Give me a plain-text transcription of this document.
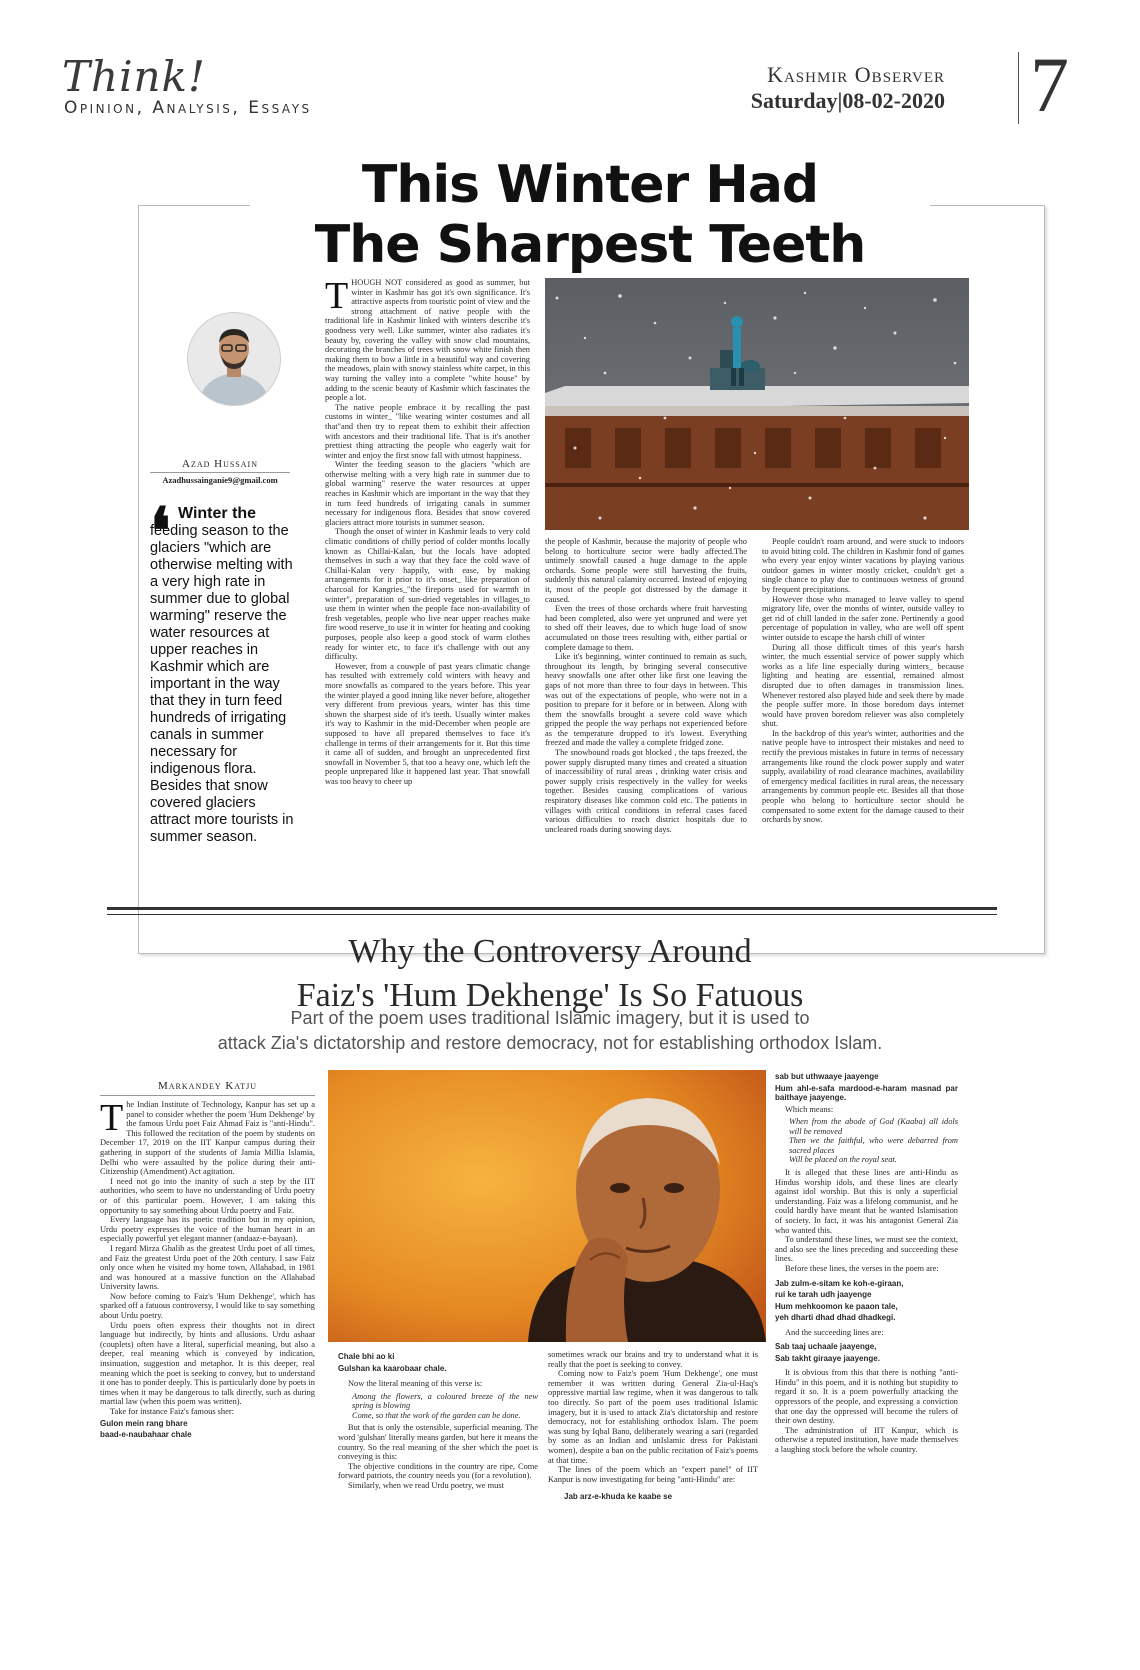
Think!
Opinion, Analysis, Essays
Kashmir Observer
Saturday|08-02-2020 7
This Winter Had
The Sharpest Teeth
Azad Hussain
Azadhussainganie9@gmail.com
❛ Winter the feeding season to the glaciers "which are otherwise melting with a very high rate in summer due to global warming" reserve the water resources at upper reaches in Kashmir which are important in the way that they in turn feed hundreds of irrigating canals in summer necessary for indigenous flora. Besides that snow covered glaciers attract more tourists in summer season.
T HOUGH NOT considered as good as summer, but winter in Kashmir has got it's own significance. It's attractive aspects from touristic point of view and the strong attachment of native people with the traditional life in Kashmir linked with winters describe it's goodness very well. Like summer, winter also radiates it's beauty by, covering the valley with snow clad mountains, decorating the branches of trees with snow white finish then making them to bow a little in a beautiful way and covering the meadows, plain with snowy stainless white carpet, in this way turning the valley into a complete "white house" by adding to the scenic beauty of Kashmir which fascinates the people a lot.

The native people embrace it by recalling the past customs in winter_ "like wearing winter costumes and all that"and then try to repeat them to exhibit their affection with ancestors and their traditional life. That is it's another prettiest thing attracting the people who eagerly wait for winter and enjoy the first snow fall with utmost happiness.

Winter the feeding season to the glaciers "which are otherwise melting with a very high rate in summer due to global warming" reserve the water resources at upper reaches in Kashmir which are important in the way that they in turn feed hundreds of irrigating canals in summer necessary for indigenous flora. Besides that snow covered glaciers attract more tourists in summer season.

Though the onset of winter in Kashmir leads to very cold climatic conditions of chilly period of colder months locally known as Chillai-Kalan, but the locals have adopted themselves in such a way that they face the cold wave of Chillai-Kalan very happily, with ease, by making arrangements for it prior to it's onset_ like preparation of charcoal for Kangries_"the fireports used for warmth in winter", preparation of sun-dried vegetables in villages_to use them in winter when the people face non-availability of fresh vegetables, people who live near upper reaches make fire wood reserve_to use it in winter for heating and cooking purposes, people also keep a good stock of warm clothes ready for winter etc, to face it's challenge with out any difficulty.

However, from a couwple of past years climatic change has resulted with extremely cold winters with heavy and more snowfalls as compared to the years before. This year the winter played a good inning like never before, altogether very different from previous years, winter has this time shown the sharpest side of it's teeth. Usually winter makes it's way to Kashmir in the mid-December when people are supposed to have all prepared themselves to face it's challenge in terms of their arrangements for it. But this time it came all of sudden, and brought an unprecedented first snowfall in November 5, that too a heavy one, which left the people unprepared like it happened last year. That snowfall was too heavy to cheer up

the people of Kashmir, because the majority of people who belong to horticulture sector were badly affected.The untimely snowfall caused a huge damage to the apple orchards. Some people were still harvesting the fruits, suddenly this natural calamity occurred. Instead of enjoying it, most of the people got distressed by the damage it caused.

Even the trees of those orchards where fruit harvesting had been completed, also were yet unpruned and were yet to shed off their leaves, due to which huge load of snow accumulated on those trees resulting with, either partial or complete damage to them.

Like it's beginning, winter continued to remain as such, throughout its length, by bringing several consecutive heavy snowfalls one after other like first one leaving the gaps of not more than three to four days in between. This was out of the expectations of people, who were not in a position to prepare for it before or in between. Along with them the snowfalls brought a severe cold wave which gripped the people the way perhaps not experienced before as the temperature dropped to it's lowest. Everything freezed and made the valley a complete fridged zone.

The snowbound roads got blocked , the taps freezed, the power supply disrupted many times and created a situation of inaccessibility of rural areas , drinking water crisis and power supply crisis respectively in the valley for weeks together. Besides causing complications of various respiratory diseases like common cold etc. The patients in villages with critical conditions in referral cases faced various difficulties to reach district hospitals due to uncleared roads during snowing days.

People couldn't roam around, and were stuck to indoors to avoid biting cold. The children in Kashmir fond of games who every year enjoy winter vacations by playing various outdoor games in winter mostly cricket, couldn't get a single chance to play due to continuous wetness of ground by frequent precipitations.

However those who managed to leave valley to spend migratory life, over the months of winter, outside valley to get rid of chill landed in the safer zone. Pertinently a good percentage of population in valley, who are well off spent winter outside to escape the harsh chill of winter

During all those difficult times of this year's harsh winter, the much essential service of power supply which works as a life line especially during winters_ because lighting and heating are essential, remained almost disrupted due to often damages in transmission lines. Whenever restored also played hide and seek there by made the people suffer more. In those boredom days internet would have proven boredom reliever was also completely shut.

In the backdrop of this year's winter, authorities and the native people have to introspect their mistakes and need to rectify the previous mistakes in future in terms of necessary arrangements like round the clock power supply and water supply, availability of road clearance machines, availability of emergency medical facilities in rural areas, the necessary arrangements by common people etc. Besides all that those people who belong to horticulture sector should be compensated to some extent for the damage caused to their orchards by snow.

Why the Controversy Around
Faiz's 'Hum Dekhenge' Is So Fatuous
Part of the poem uses traditional Islamic imagery, but it is used to
attack Zia's dictatorship and restore democracy, not for establishing orthodox Islam.
Markandey Katju
T he Indian Institute of Technology, Kanpur has set up a panel to consider whether the poem 'Hum Dekhenge' by the famous Urdu poet Faiz Ahmad Faiz is "anti-Hindu". This followed the recitation of the poem by students on December 17, 2019 on the IIT Kanpur campus during their gathering in support of the students of Jamia Millia Islamia, Delhi who were assaulted by the police during their anti-Citizenship (Amendment) Act agitation.

I need not go into the inanity of such a step by the IIT authorities, who seem to have no understanding of Urdu poetry or of this particular poem. However, I am taking this opportunity to say something about Urdu poetry and Faiz.

Every language has its poetic tradition but in my opinion, Urdu poetry expresses the voice of the human heart in an especially powerful yet elegant manner (andaaz-e-bayaan).

I regard Mirza Ghalib as the greatest Urdu poet of all times, and Faiz the greatest Urdu poet of the 20th century. I saw Faiz only once when he visited my home town, Allahabad, in 1981 and was honoured at a massive function on the Allahabad University lawns.

Now before coming to Faiz's 'Hum Dekhenge', which has sparked off a fatuous controversy, I would like to say something about Urdu poetry.

Urdu poets often express their thoughts not in direct language but indirectly, by hints and allusions. Urdu ashaar (couplets) often have a literal, superficial meaning, but also a deeper, real meaning which is conveyed by indication, insinuation, suggestion and metaphor. It is this deeper, real meaning which the poet is seeking to convey, but to understand it one has to ponder deeply. This is particularly done by poets in times when it may be dangerous to talk directly, such as during martial law (when this poem was written).

Take for instance Faiz's famous sher:

Gulon mein rang bhare
baad-e-naubahaar chale
Chale bhi ao ki
Gulshan ka kaarobaar chale.

Now the literal meaning of this verse is:

Among the flowers, a coloured breeze of the new spring is blowing

Come, so that the work of the garden can be done.

But that is only the ostensible, superficial meaning. The word 'gulshan' literally means garden, but here it means the country. So the real meaning of the sher which the poet is conveying is this:

The objective conditions in the country are ripe, Come forward patriots, the country needs you (for a revolution).

Similarly, when we read Urdu poetry, we must

sometimes wrack our brains and try to understand what it is really that the poet is seeking to convey.

Coming now to Faiz's poem 'Hum Dekhenge', one must remember it was written during General Zia-ul-Haq's oppressive martial law regime, when it was dangerous to talk too directly. So part of the poem uses traditional Islamic imagery, but it is used to attack Zia's dictatorship and restore democracy, not for establishing orthodox Islam. The poem was sung by Iqbal Bano, deliberately wearing a sari (regarded by some as an Indian and unIslamic dress for Pakistani women), despite a ban on the public recitation of Faiz's poems at that time.

The lines of the poem which an "expert panel" of IIT Kanpur is now investigating for being "anti-Hindu" are:

Jab arz-e-khuda ke kaabe se
sab but uthwaaye jaayenge
Hum ahl-e-safa mardood-e-haram masnad par baithaye jaayenge.

Which means:

When from the abode of God (Kaaba) all idols will be removed

Then we the faithful, who were debarred from sacred places

Will be placed on the royal seat.

It is alleged that these lines are anti-Hindu as Hindus worship idols, and these lines are clearly against idol worship. But this is only a superficial understanding. Faiz was a lifelong communist, and he could hardly have meant that he wanted Islamisation of society. In fact, it was his antagonist General Zia who wanted this.

To understand these lines, we must see the context, and also see the lines preceding and succeeding these lines.

Before these lines, the verses in the poem are:

Jab zulm-e-sitam ke koh-e-giraan,
rui ke tarah udh jaayenge
Hum mehkoomon ke paaon tale,
yeh dharti dhad dhad dhadkegi.

And the succeeding lines are:

Sab taaj uchaale jaayenge,
Sab takht giraaye jaayenge.

It is obvious from this that there is nothing "anti-Hindu" in this poem, and it is nothing but stupidity to regard it so. It is a poem powerfully attacking the oppressors of the people, and expressing a conviction that one day the oppressed will become the rulers of their own destiny.

The administration of IIT Kanpur, which is otherwise a reputed institution, have made themselves a laughing stock before the whole country.
